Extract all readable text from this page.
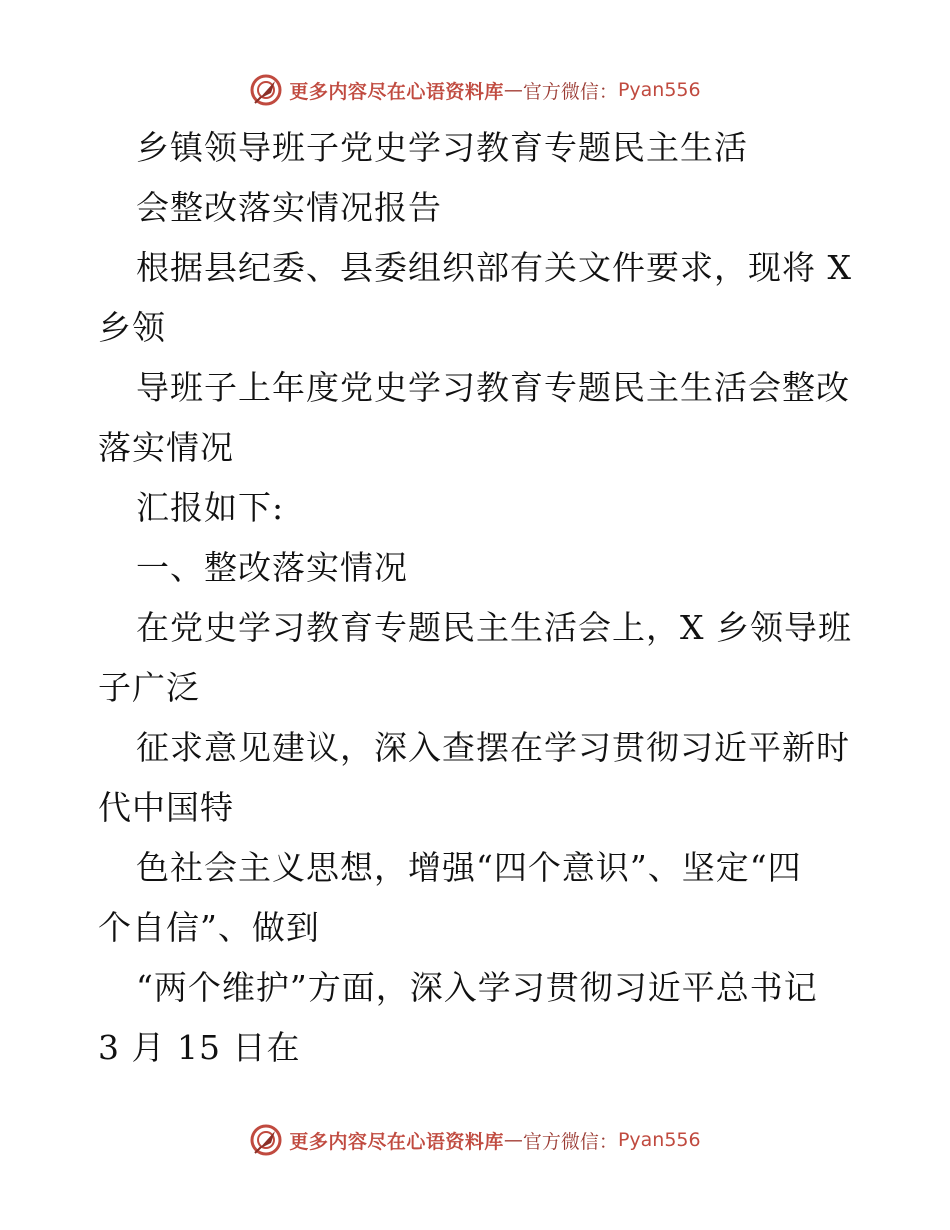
更多内容尽在心语资料库 — 官方微信： Pyan556
乡镇领导班子党史学习教育专题民主生活
会整改落实情况报告
根据县纪委、县委组织部有关文件要求，现将 X
乡领
导班子上年度党史学习教育专题民主生活会整改
落实情况
汇报如下:
一、整改落实情况
在党史学习教育专题民主生活会上，X 乡领导班
子广泛
征求意见建议，深入查摆在学习贯彻习近平新时
代中国特
色社会主义思想，增强“四个意识”、坚定“四
个自信”、做到
“两个维护”方面，深入学习贯彻习近平总书记
3 月 15 日在
更多内容尽在心语资料库 — 官方微信： Pyan556
